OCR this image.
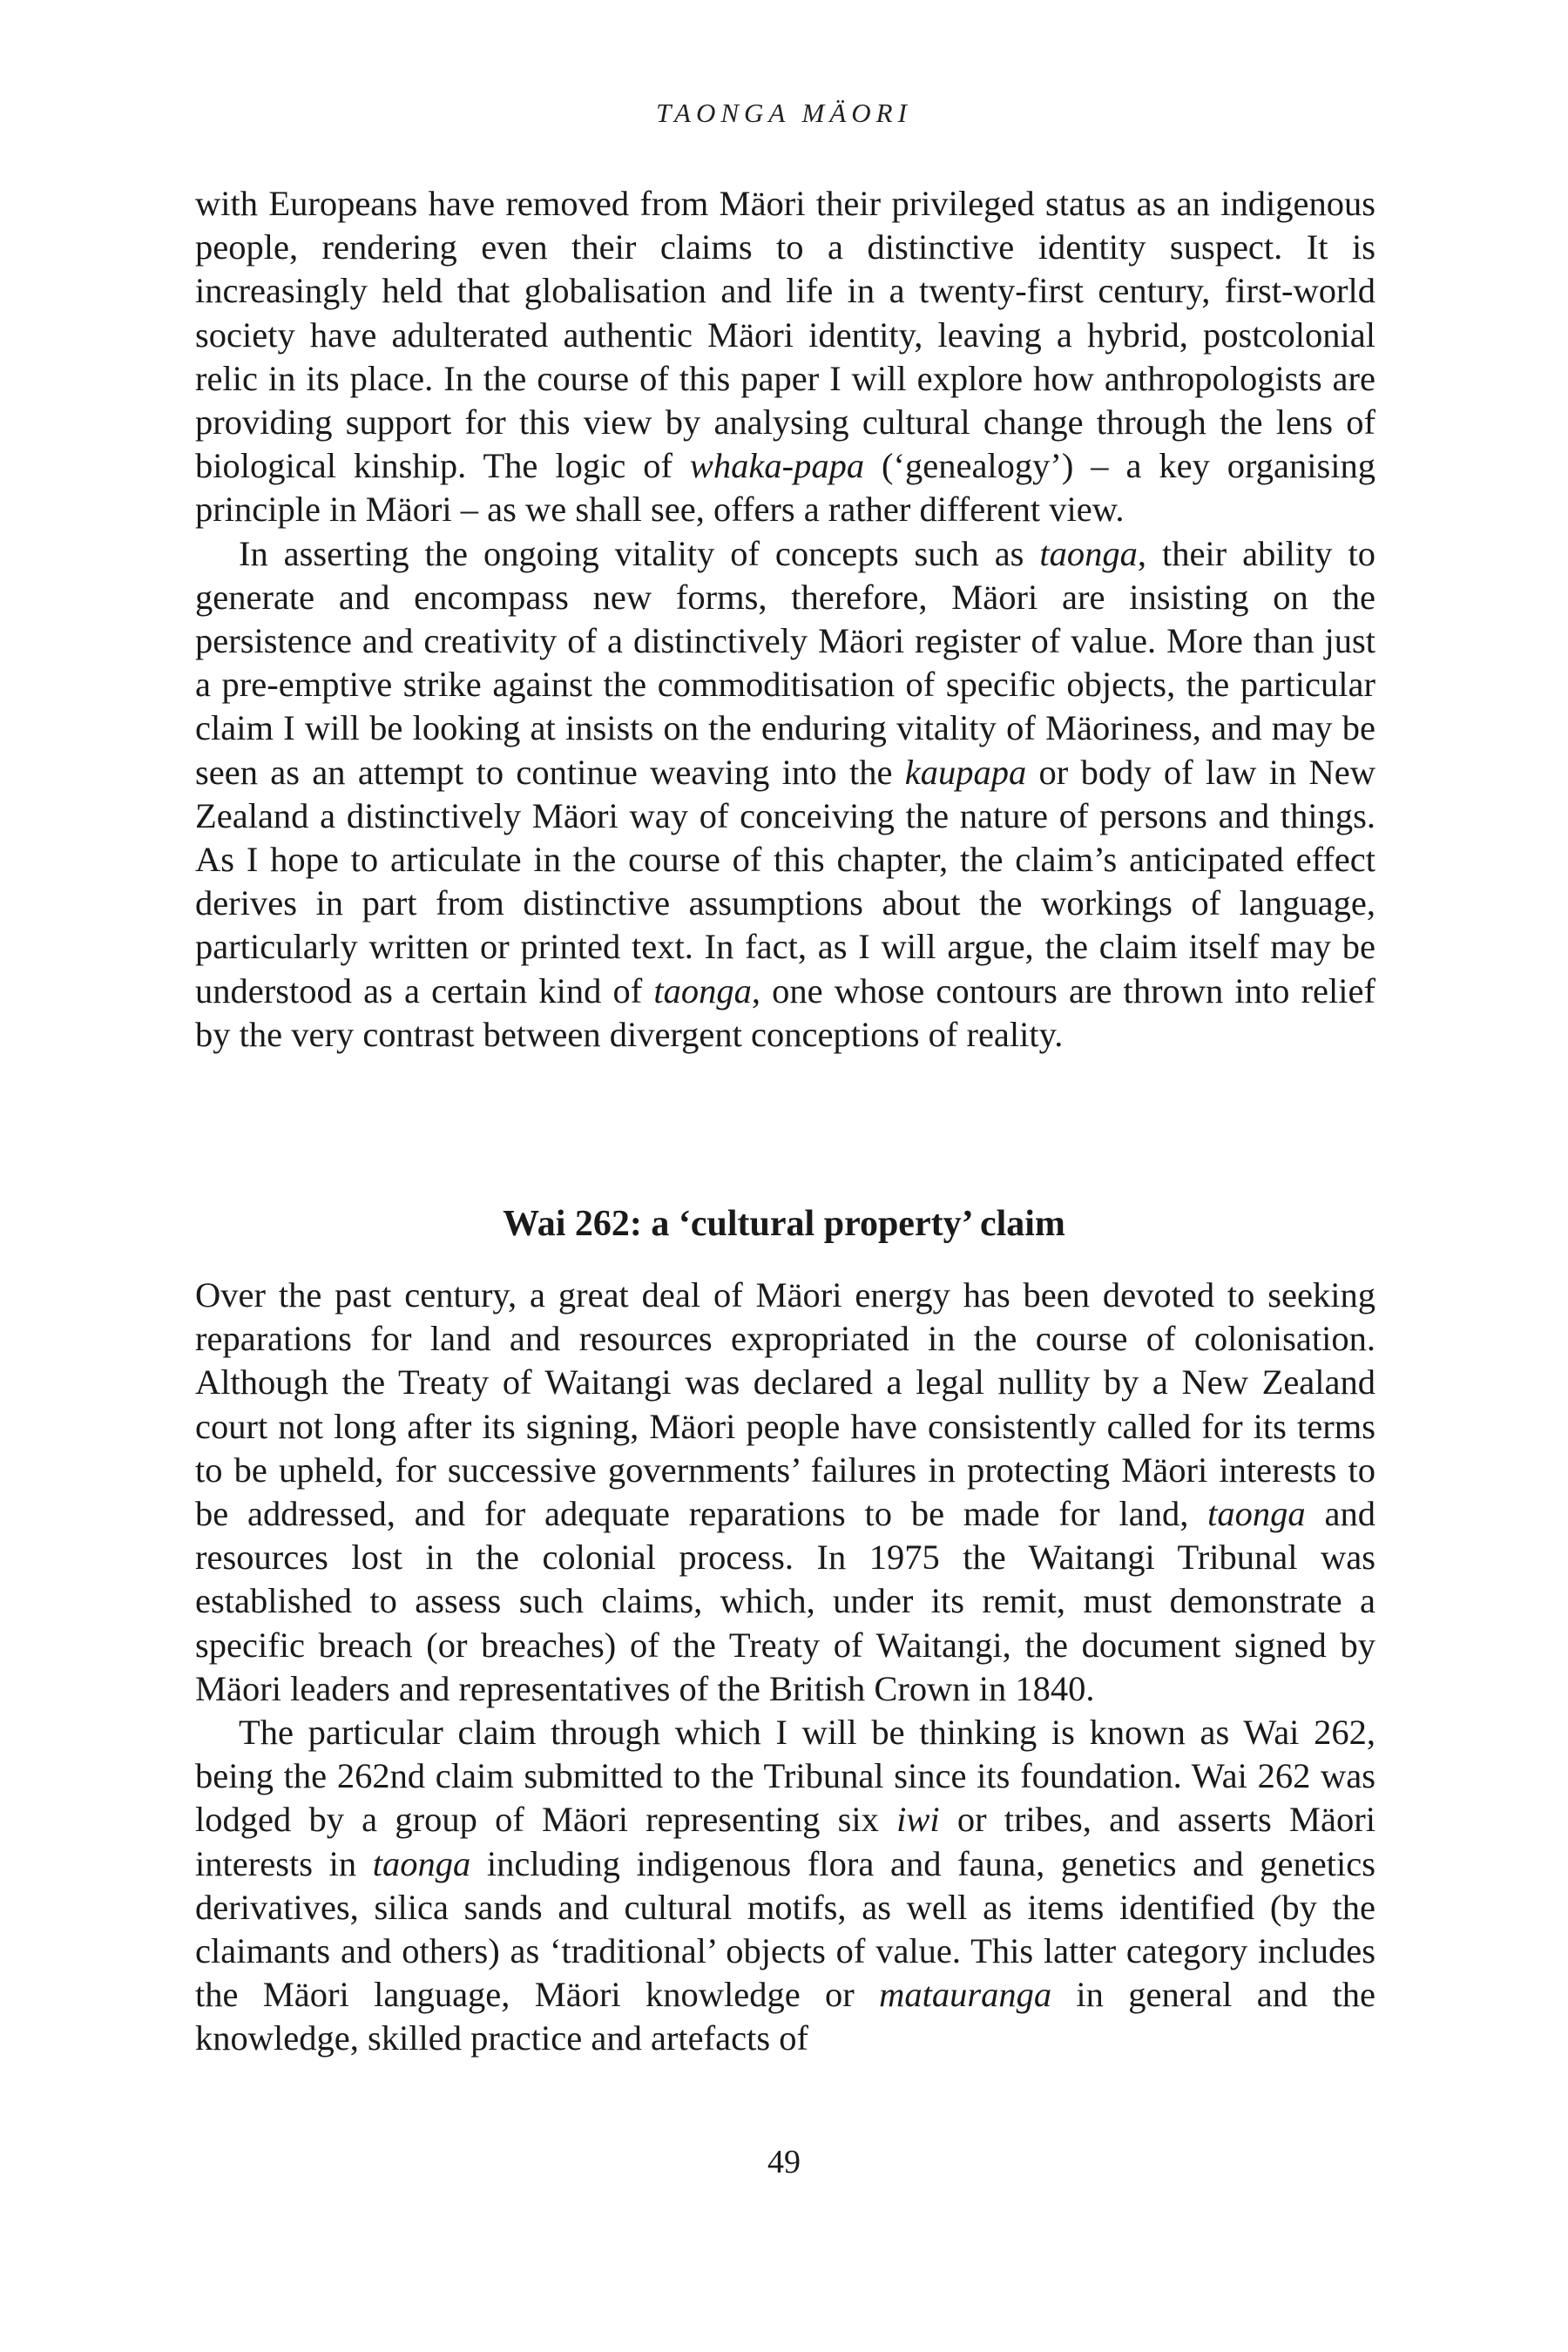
TAONGA MÄORI

with Europeans have removed from Mäori their privileged status as an indigenous people, rendering even their claims to a distinctive identity suspect. It is increasingly held that globalisation and life in a twenty-first century, first-world society have adulterated authentic Mäori identity, leaving a hybrid, postcolonial relic in its place. In the course of this paper I will explore how anthropologists are providing support for this view by analysing cultural change through the lens of biological kinship. The logic of whaka-papa (‘genealogy’) – a key organising principle in Mäori – as we shall see, offers a rather different view.

In asserting the ongoing vitality of concepts such as taonga, their ability to generate and encompass new forms, therefore, Mäori are insisting on the persistence and creativity of a distinctively Mäori register of value. More than just a pre-emptive strike against the commoditisation of specific objects, the particular claim I will be looking at insists on the enduring vitality of Mäoriness, and may be seen as an attempt to continue weaving into the kaupapa or body of law in New Zealand a distinctively Mäori way of conceiving the nature of persons and things. As I hope to articulate in the course of this chapter, the claim’s anticipated effect derives in part from distinctive assumptions about the workings of language, particularly written or printed text. In fact, as I will argue, the claim itself may be understood as a certain kind of taonga, one whose contours are thrown into relief by the very contrast between divergent conceptions of reality.

Wai 262: a ‘cultural property’ claim

Over the past century, a great deal of Mäori energy has been devoted to seeking reparations for land and resources expropriated in the course of colonisation. Although the Treaty of Waitangi was declared a legal nullity by a New Zealand court not long after its signing, Mäori people have consistently called for its terms to be upheld, for successive governments’ failures in protecting Mäori interests to be addressed, and for adequate reparations to be made for land, taonga and resources lost in the colonial process. In 1975 the Waitangi Tribunal was established to assess such claims, which, under its remit, must demonstrate a specific breach (or breaches) of the Treaty of Waitangi, the document signed by Mäori leaders and representatives of the British Crown in 1840.

The particular claim through which I will be thinking is known as Wai 262, being the 262nd claim submitted to the Tribunal since its foundation. Wai 262 was lodged by a group of Mäori representing six iwi or tribes, and asserts Mäori interests in taonga including indigenous flora and fauna, genetics and genetics derivatives, silica sands and cultural motifs, as well as items identified (by the claimants and others) as ‘traditional’ objects of value. This latter category includes the Mäori language, Mäori knowledge or matauranga in general and the knowledge, skilled practice and artefacts of

49
